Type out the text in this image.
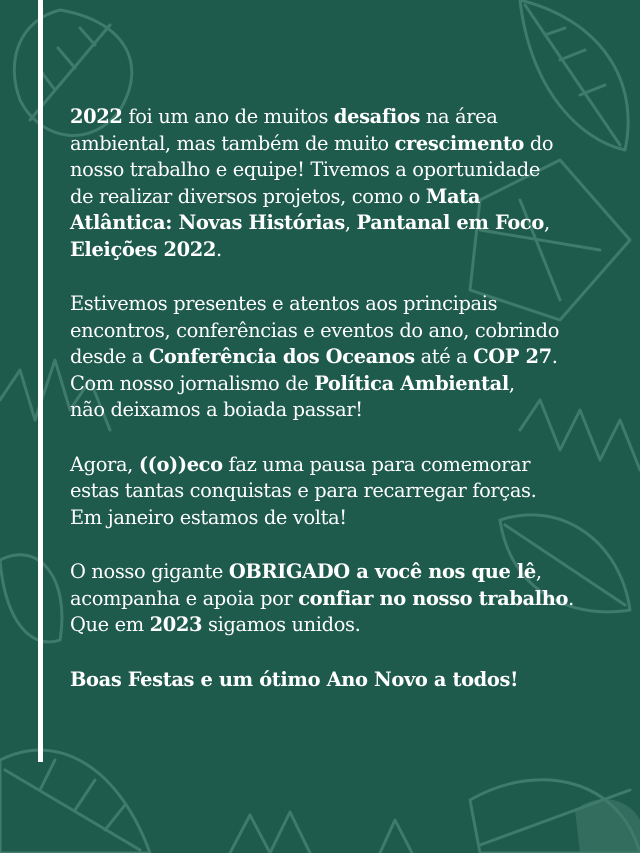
2022 foi um ano de muitos desafios na área
ambiental, mas também de muito crescimento do
nosso trabalho e equipe! Tivemos a oportunidade
de realizar diversos projetos, como o Mata
Atlântica: Novas Histórias, Pantanal em Foco,
Eleições 2022.
Estivemos presentes e atentos aos principais
encontros, conferências e eventos do ano, cobrindo
desde a Conferência dos Oceanos até a COP 27.
Com nosso jornalismo de Política Ambiental,
não deixamos a boiada passar!
Agora, ((o))eco faz uma pausa para comemorar
estas tantas conquistas e para recarregar forças.
Em janeiro estamos de volta!
O nosso gigante OBRIGADO a você nos que lê,
acompanha e apoia por confiar no nosso trabalho.
Que em 2023 sigamos unidos.
Boas Festas e um ótimo Ano Novo a todos!
